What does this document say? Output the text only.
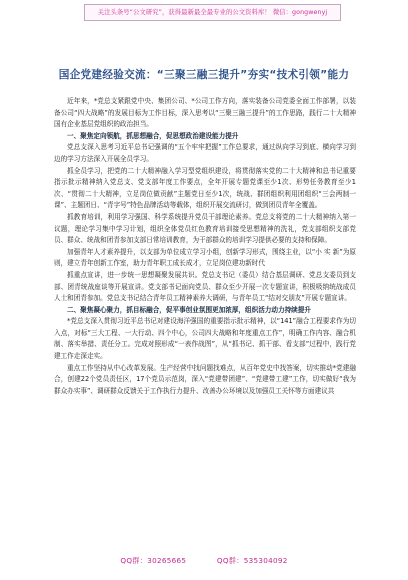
关注头条号“公文研究”，获得最新最全最专业的公文资料库！ 微信：gongwenyj
国企党建经验交流：“三聚三融三提升”夯实“技术引领”能力

近年来，*党总支紧跟党中央、集团公司、*公司工作方向，落实装备公司党委全面工作部署，以装备公司“四大战略”的发展目标为工作目标，深入思考以“三聚三融三提升”的工作思路，践行二十大精神国有企业基层党组织的政治担当。

一、聚焦定向领航，抓思想融合，促思想政治建设能力提升

党总支深入思考习近平总书记强调的“五个牢牢把握”工作总要求，通过纵向学习到底、横向学习到边的学习方法深入开展全员学习。

抓全员学习，把党的二十大精神融入学习型党组织建设，将贯彻落实党的二十大精神和总书记重要指示批示精神纳入党总支、党支部年度工作要点，全年开展专题党课至少1次、形势任务教育至少1次、“贯彻二十大精神，立足岗位做贡献”主题党日至少1次，统战、群团组织利用团组织“三会两制一课”、主题团日、“青字号”特色品牌活动等载体，组织开展交流研讨，做到团员青年全覆盖。

抓教育培训，利用学习强国、科学系统提升党员干部理论素养。党总支将党的二十大精神纳入第一议题，理论学习集中学习计划，组织全体党员红色教育培训接受思想精神的洗礼，党支部组织支部党员、群众、统战和团青参加支部日常培训教育，为干部群众的培训学习提供必要的支持和保障。

加强青年人才素养提升，以支部为单位成立学习小组，创新学习形式，围绕主业，以“小 实 新”为原则，建立青年创新工作室，助力青年职工成长成才，立足岗位建功新时代

抓重点宣讲，进一步统一思想凝聚发展共识。党总支书记（委员）结合基层调研、党总支委员到支部、团青统战座谈等开展宣讲。党支部书记面向党员、群众至少开展一次专题宣讲，积极吸纳统战成员人士和团青参加。党总支书记结合青年员工精神素养大调研，与青年员工“结对交朋友”开展专题宣讲。

二、聚焦凝心聚力，抓目标融合，促平事创业氛围更加浓厚，组织活力动力持续提升

*党总支深入贯彻习近平总书记对建设海洋强国的重要指示批示精神，以“141”融合工程要求作为切入点，对标“三大工程、一大行动、四个中心，公司四大战略和年度重点工作”，明确工作内容、融合机制、落实举措、责任分工。完成对照形成“一表作战图”，从“抓书记、抓干部、看支部”过程中，践行党建工作走深走实。

重点工作坚持从中心改革发展。生产经营中找问题找难点，从百年党史中找答案，切实推动*党建融合，创建22个党员责任区，17个党员示范岗，深入“党建带团建”、“党建带工建”工作，切实做好“我为群众办实事”、调研群众反馈关于工作执行力提升、改善办公环境以及加强员工关怀等方面建议共

QQ群：30265665	QQ群：535304092
